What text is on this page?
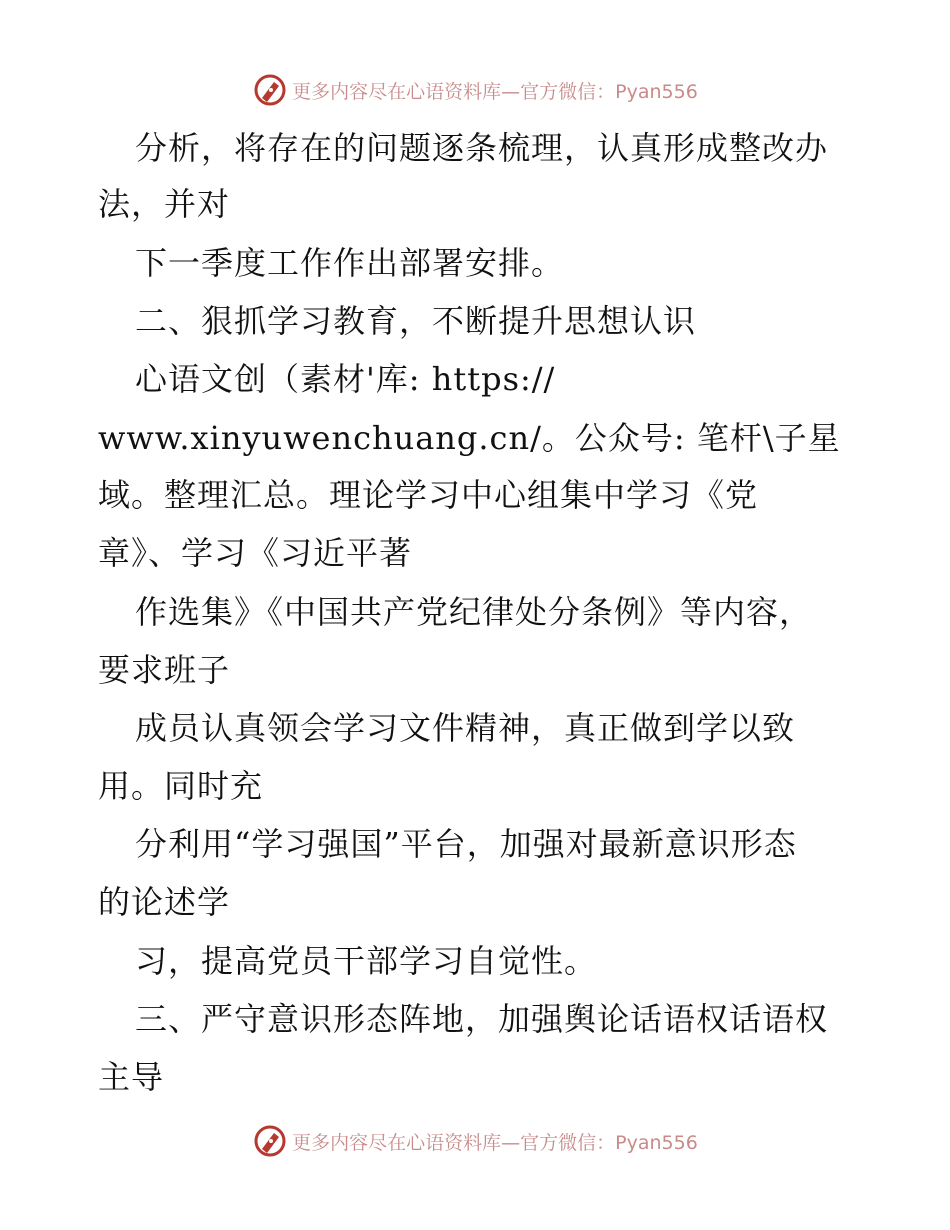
更多内容尽在心语资料库—官方微信：Pyan556
分析，将存在的问题逐条梳理，认真形成整改办
法，并对
下一季度工作作出部署安排。
二、狠抓学习教育，不断提升思想认识
心语文创（素材'库: https://
www.xinyuwenchuang.cn/。公众号: 笔杆\子星
域。整理汇总。理论学习中心组集中学习《党
章》、学习《习近平著
作选集》《中国共产党纪律处分条例》等内容，
要求班子
成员认真领会学习文件精神，真正做到学以致
用。同时充
分利用“学习强国”平台，加强对最新意识形态
的论述学
习，提高党员干部学习自觉性。
三、严守意识形态阵地，加强舆论话语权话语权
主导
更多内容尽在心语资料库—官方微信：Pyan556
